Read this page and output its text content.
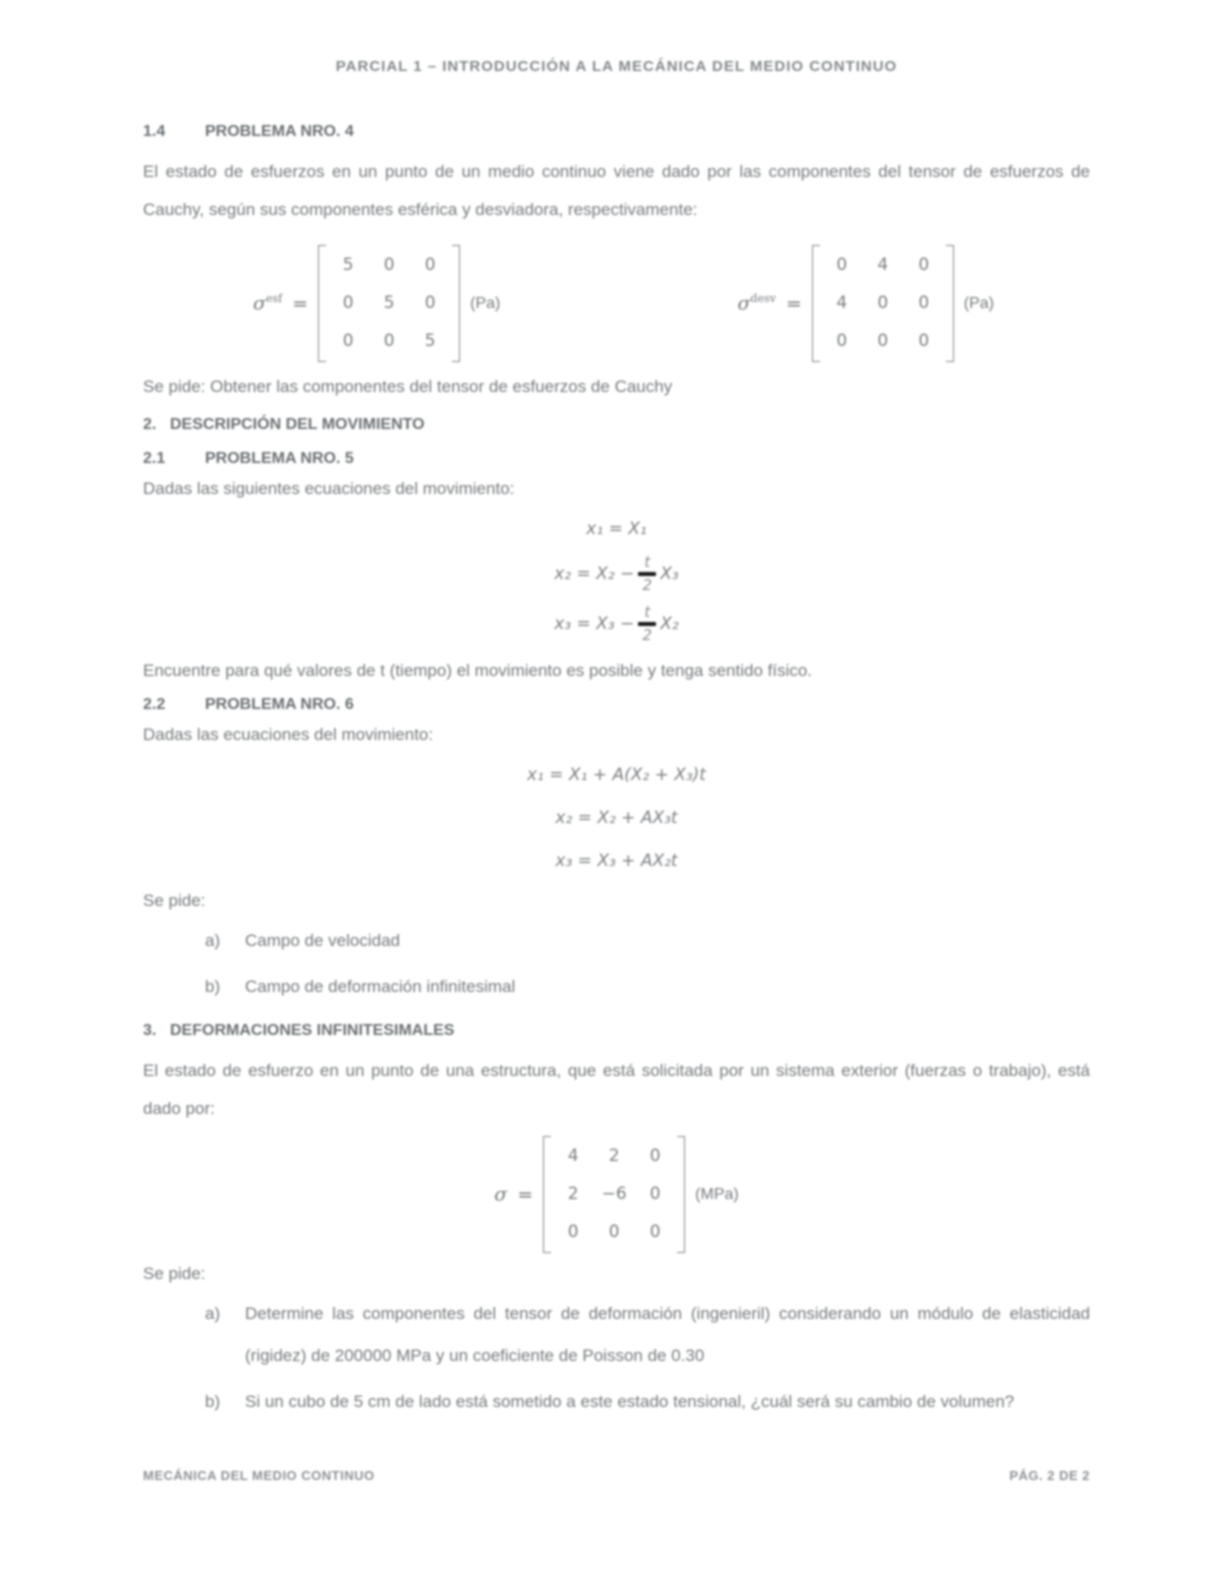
PARCIAL 1 – INTRODUCCIÓN A LA MECÁNICA DEL MEDIO CONTINUO
1.4	PROBLEMA NRO. 4
El estado de esfuerzos en un punto de un medio continuo viene dado por las componentes del tensor de esfuerzos de Cauchy, según sus componentes esférica y desviadora, respectivamente:
$\sigma^{esf}$ =
5	0	0
0	5	0
0	0	5
(Pa)	$\sigma^{desv}$ =
0	4	0
4	0	0
0	0	0
(Pa)
Se pide: Obtener las componentes del tensor de esfuerzos de Cauchy
2. DESCRIPCIÓN DEL MOVIMIENTO
2.1	PROBLEMA NRO. 5
Dadas las siguientes ecuaciones del movimiento:
x₁ = X₁
$x_2 = X_2 - \frac{t}{2} X_3$
$x_3 = X_3 - \frac{t}{2} X_2$
Encuentre para qué valores de t (tiempo) el movimiento es posible y tenga sentido físico.
2.2	PROBLEMA NRO. 6
Dadas las ecuaciones del movimiento:
x₁ = X₁ + A(X₂ + X₃)t
x₂ = X₂ + AX₃t
x₃ = X₃ + AX₂t
Se pide:
a)	Campo de velocidad
b)	Campo de deformación infinitesimal
3. DEFORMACIONES INFINITESIMALES
El estado de esfuerzo en un punto de una estructura, que está solicitada por un sistema exterior (fuerzas o trabajo), está dado por:
σ =
4	2	0
2	−6	0
0	0	0
(MPa)
Se pide:
a)	Determine las componentes del tensor de deformación (ingenieril) considerando un módulo de elasticidad (rigidez) de 200000 MPa y un coeficiente de Poisson de 0.30
b)	Si un cubo de 5 cm de lado está sometido a este estado tensional, ¿cuál será su cambio de volumen?
MECÁNICA DEL MEDIO CONTINUO	PÁG. 2 DE 2
